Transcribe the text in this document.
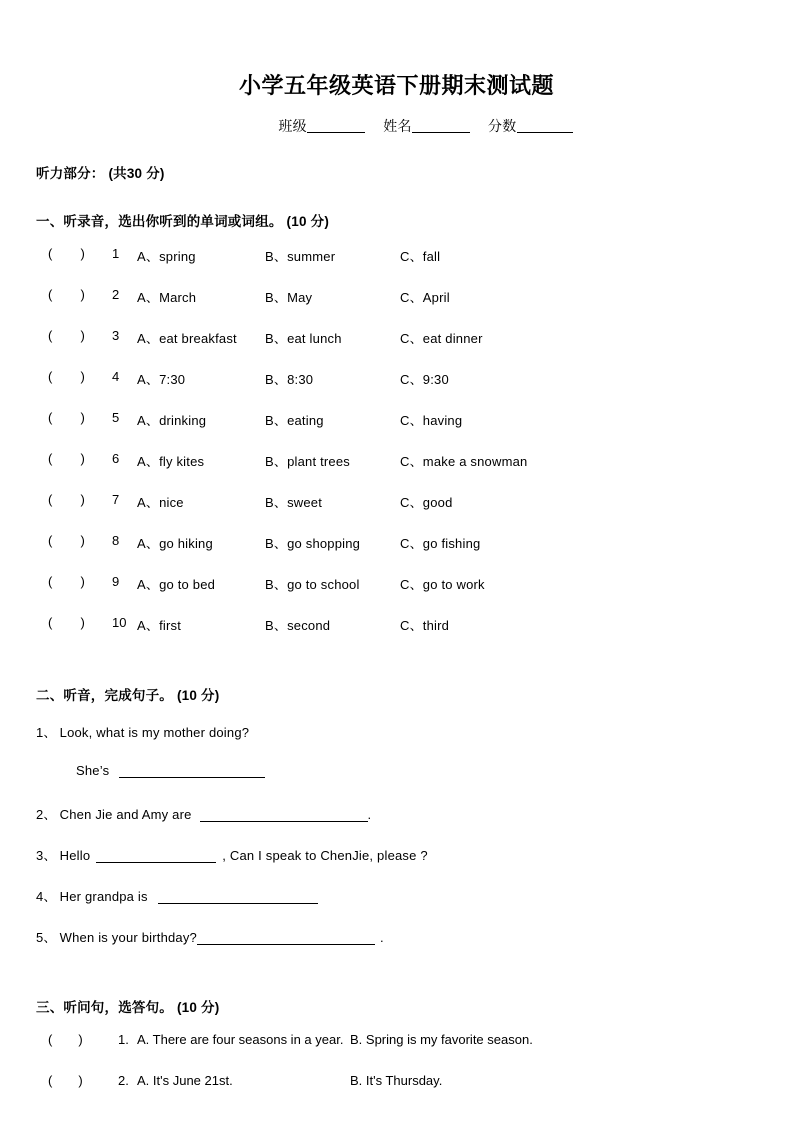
小学五年级英语下册期末测试题
班级	姓名	分数
听力部分： (共30 分)
一、听录音，选出你听到的单词或词组。 (10 分)
( ) 1 A、spring	B、summer	C、fall
( ) 2 A、March	B、May	C、April
( ) 3 A、eat breakfast B、eat lunch	C、eat dinner
( ) 4 A、7:30	B、8:30	C、9:30
( ) 5 A、drinking	B、eating	C、having
( ) 6 A、fly kites	B、plant trees	C、make a snowman
( ) 7 A、nice	B、sweet	C、good
( ) 8 A、go hiking	B、go shopping	C、go fishing
( ) 9 A、go to bed	B、go to school	C、go to work
( ) 10 A、first	B、second	C、third
二、听音，完成句子。 (10 分)
1、 Look, what is my mother doing?
She’s
2、 Chen Jie and Amy are	.
3、 Hello	, Can I speak to ChenJie, please ?
4、 Her grandpa is
5、 When is your birthday?	.
三、听问句，选答句。 (10 分)
( )	1. A. There are four seasons in a year. B. Spring is my favorite season.
( )	2. A. It's June 21st.	B. It's Thursday.
